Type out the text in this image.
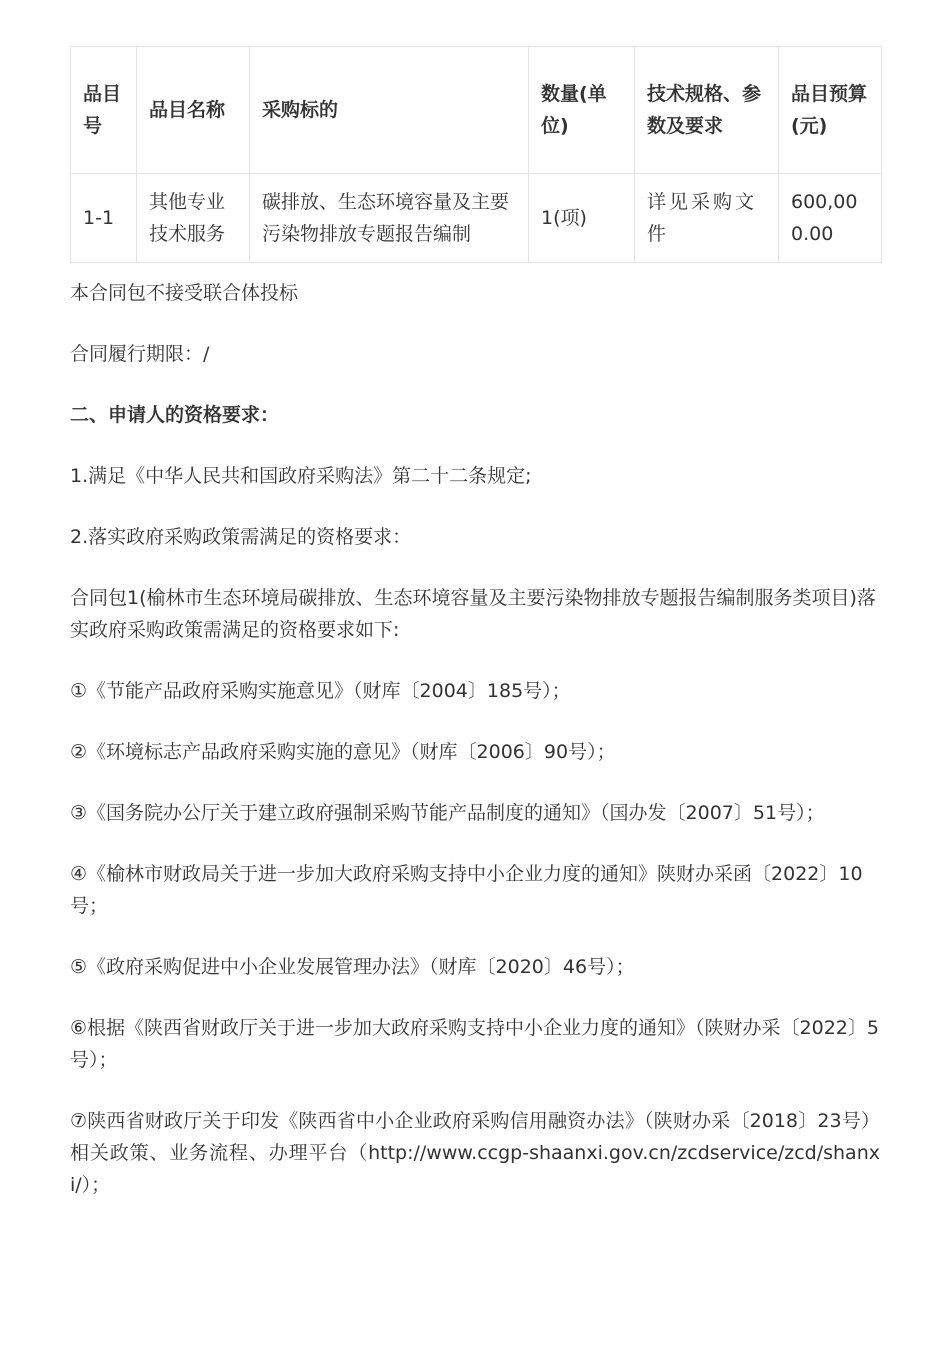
品目号	品目名称	采购标的	数量(单位)	技术规格、参数及要求	品目预算(元)
1-1	其他专业技术服务	碳排放、生态环境容量及主要污染物排放专题报告编制	1(项)	详见采购文件	600,000.00

本合同包不接受联合体投标

合同履行期限：/

二、申请人的资格要求：

1.满足《中华人民共和国政府采购法》第二十二条规定;

2.落实政府采购政策需满足的资格要求：

合同包1(榆林市生态环境局碳排放、生态环境容量及主要污染物排放专题报告编制服务类项目)落实政府采购政策需满足的资格要求如下:

①《节能产品政府采购实施意见》（财库〔2004〕185号）；

②《环境标志产品政府采购实施的意见》（财库〔2006〕90号）；

③《国务院办公厅关于建立政府强制采购节能产品制度的通知》（国办发〔2007〕51号）；

④《榆林市财政局关于进一步加大政府采购支持中小企业力度的通知》陕财办采函〔2022〕10号；

⑤《政府采购促进中小企业发展管理办法》（财库〔2020〕46号）；

⑥根据《陕西省财政厅关于进一步加大政府采购支持中小企业力度的通知》（陕财办采〔2022〕5号）；

⑦陕西省财政厅关于印发《陕西省中小企业政府采购信用融资办法》（陕财办采〔2018〕23号）相关政策、业务流程、办理平台（http://www.ccgp-shaanxi.gov.cn/zcdservice/zcd/shanxi/）；
